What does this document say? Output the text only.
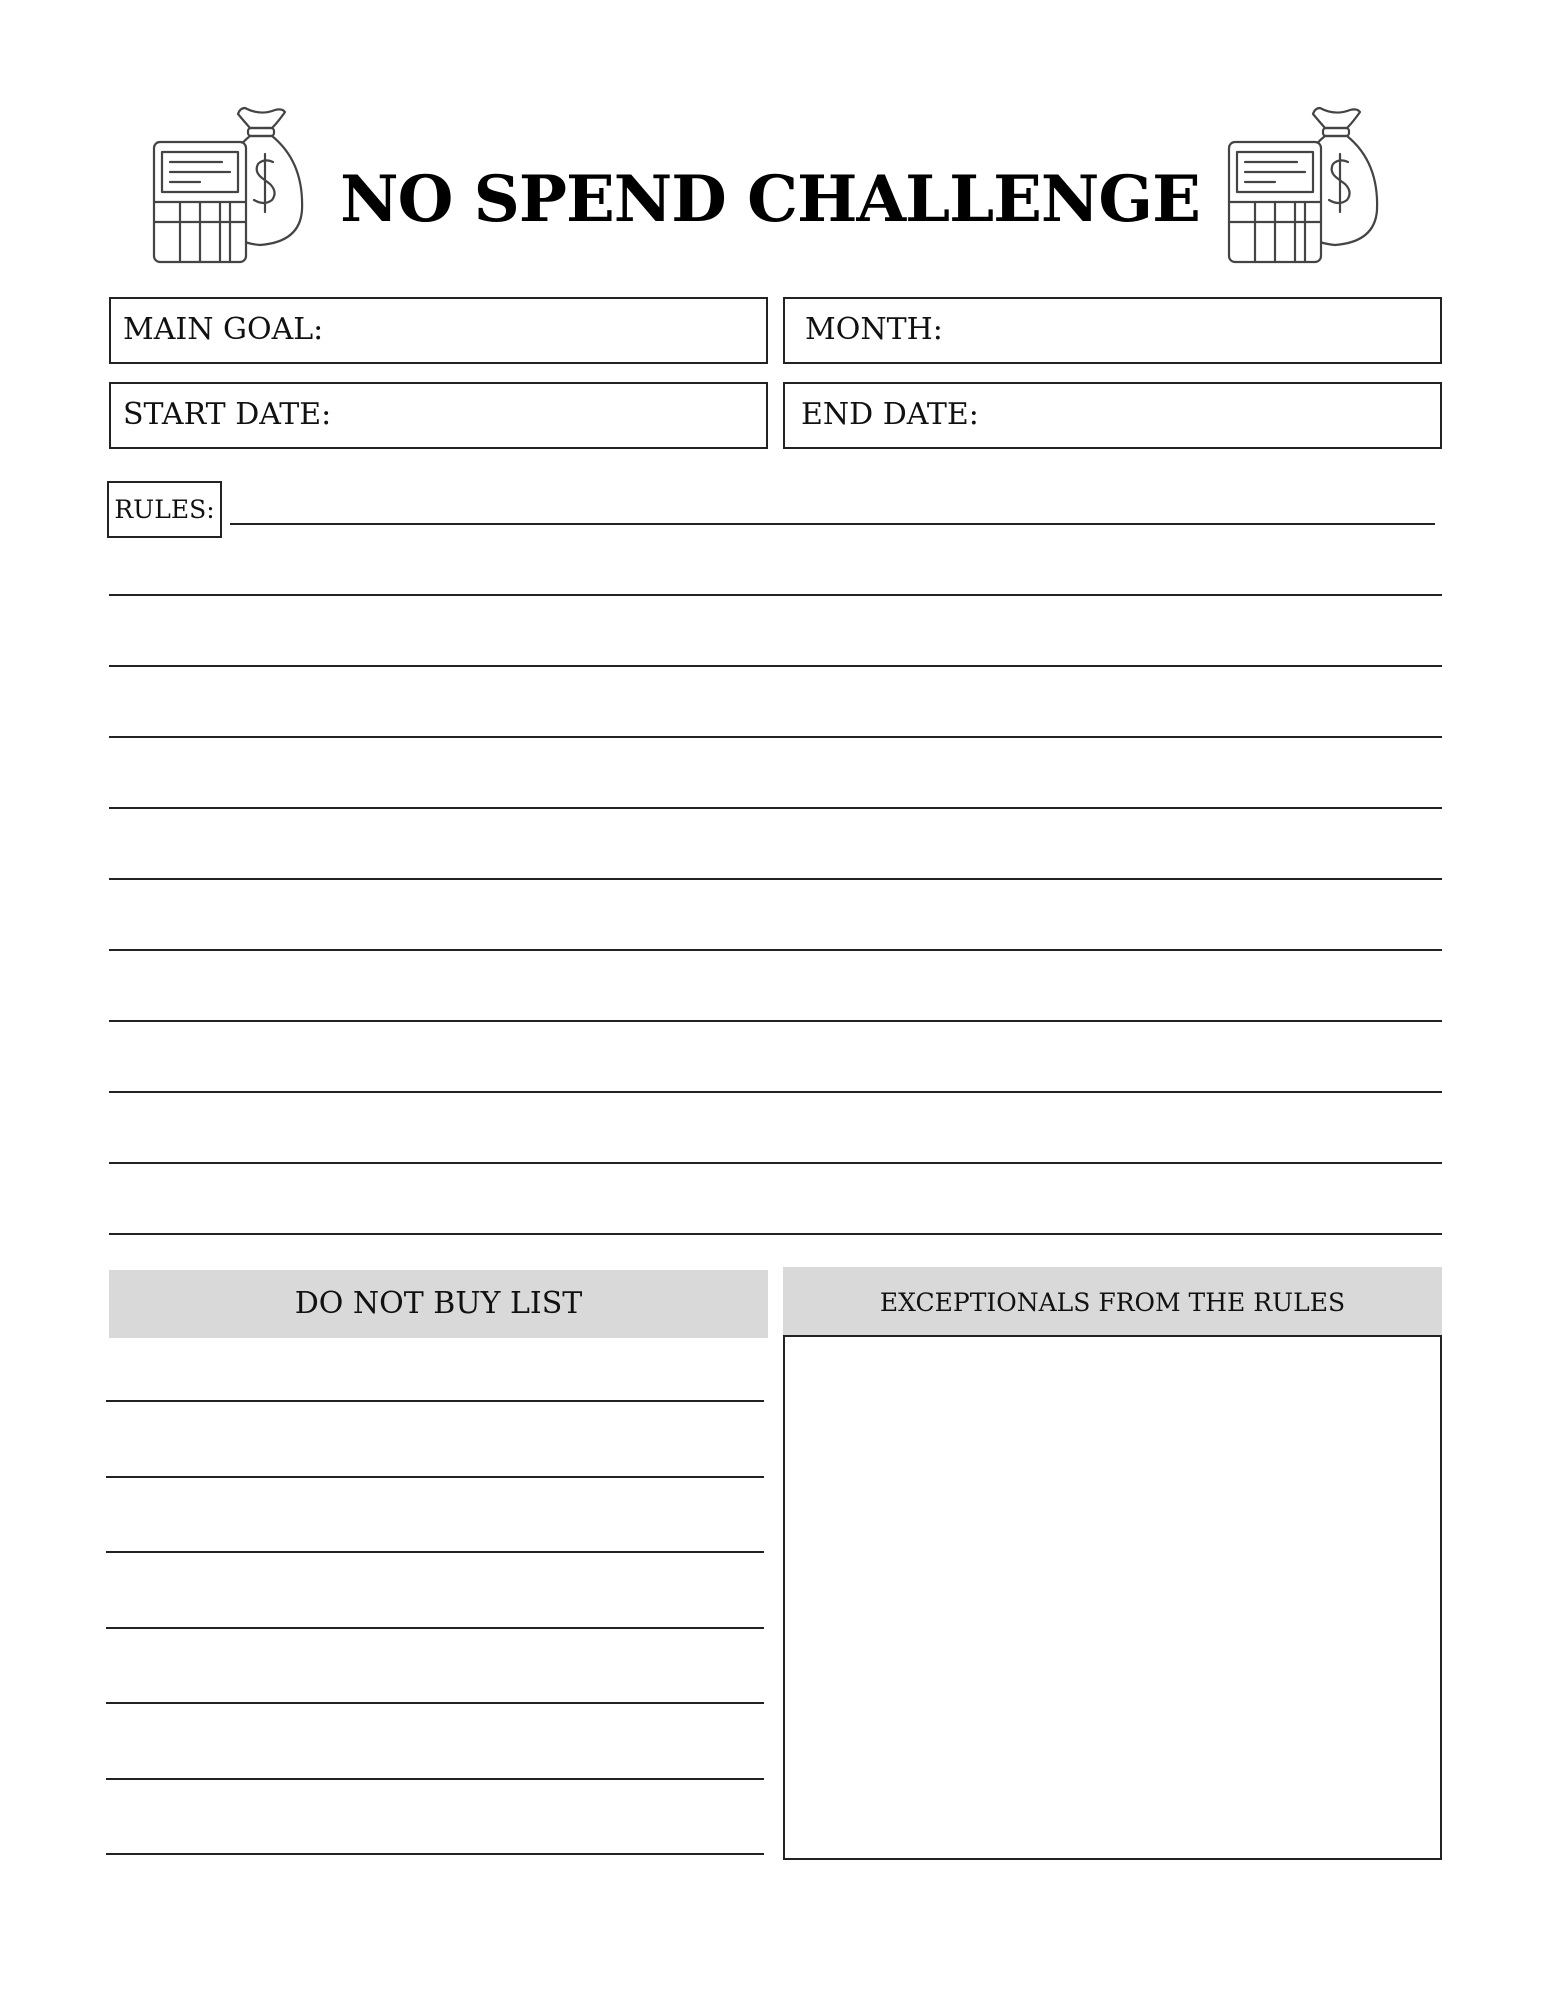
NO SPEND CHALLENGE
MAIN GOAL:	MONTH:
START DATE:	END DATE:
RULES:
DO NOT BUY LIST	EXCEPTIONALS FROM THE RULES
